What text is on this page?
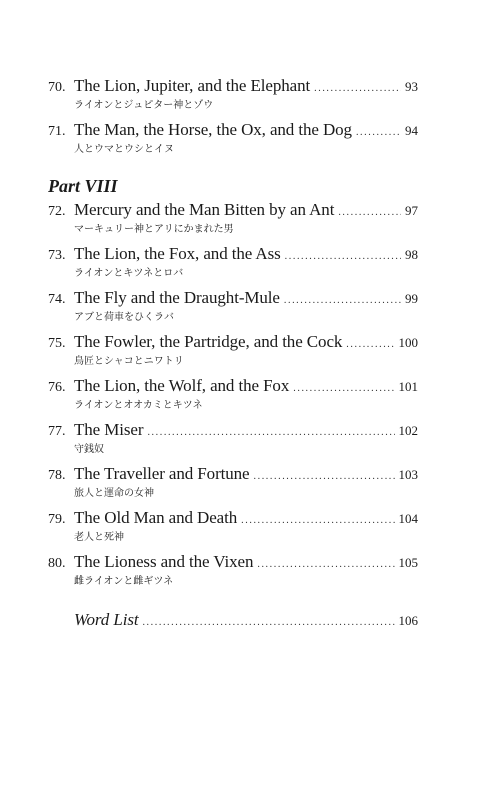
70. The Lion, Jupiter, and the Elephant .....	93
ライオンとジュピター神とゾウ
71. The Man, the Horse, the Ox, and the Dog .....	94
人とウマとウシとイヌ
Part VIII
72. Mercury and the Man Bitten by an Ant .....	97
マーキュリー神とアリにかまれた男
73. The Lion, the Fox, and the Ass .....	98
ライオンとキツネとロバ
74. The Fly and the Draught-Mule .....	99
アブと荷車をひくラバ
75. The Fowler, the Partridge, and the Cock .....	100
鳥匠とシャコとニワトリ
76. The Lion, the Wolf, and the Fox .....	101
ライオンとオオカミとキツネ
77. The Miser .....	102
守銭奴
78. The Traveller and Fortune .....	103
旅人と運命の女神
79. The Old Man and Death .....	104
老人と死神
80. The Lioness and the Vixen .....	105
雌ライオンと雌ギツネ
Word List .....	106
